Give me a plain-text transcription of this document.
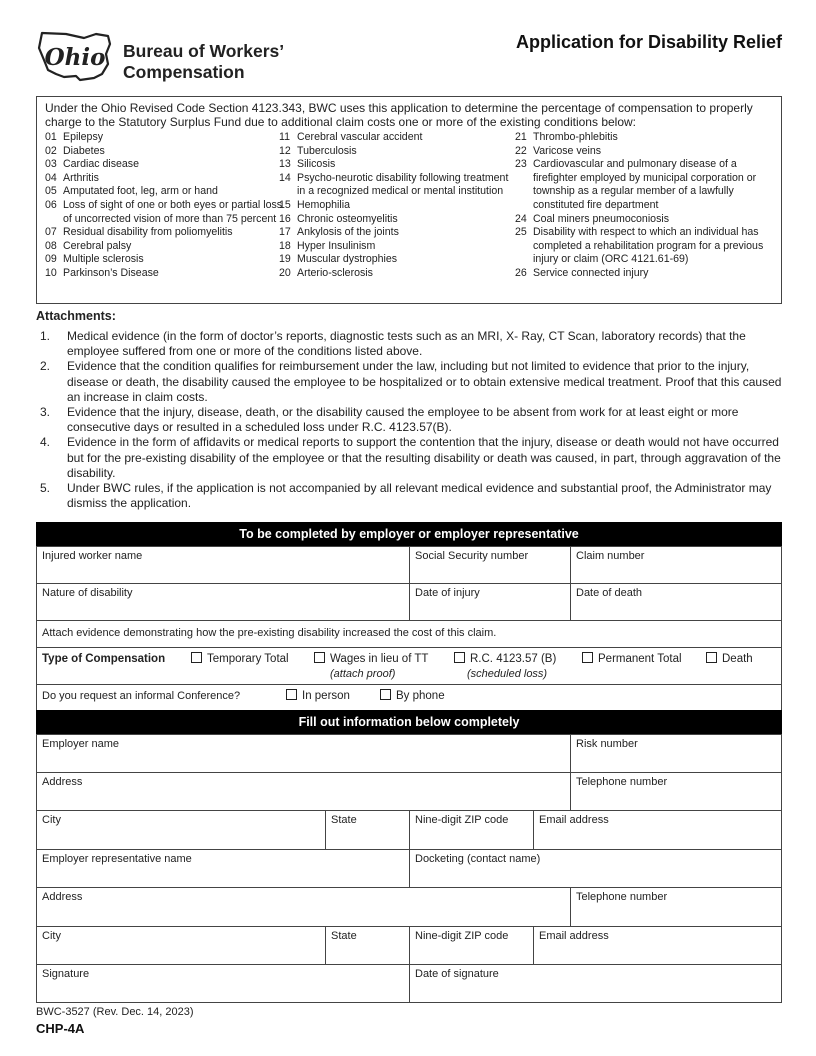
Ohio Bureau of Workers’
Compensation
Application for Disability Relief
Under the Ohio Revised Code Section 4123.343, BWC uses this application to determine the percentage of compensation to properly charge to the Statutory Surplus Fund due to additional claim costs one or more of the existing conditions below:
01 Epilepsy
02 Diabetes
03 Cardiac disease
04 Arthritis
05 Amputated foot, leg, arm or hand
06 Loss of sight of one or both eyes or partial loss of uncorrected vision of more than 75 percent
07 Residual disability from poliomyelitis
08 Cerebral palsy
09 Multiple sclerosis
10 Parkinson’s Disease
11 Cerebral vascular accident
12 Tuberculosis
13 Silicosis
14 Psycho-neurotic disability following treatment in a recognized medical or mental institution
15 Hemophilia
16 Chronic osteomyelitis
17 Ankylosis of the joints
18 Hyper Insulinism
19 Muscular dystrophies
20 Arterio-sclerosis
21 Thrombo-phlebitis
22 Varicose veins
23 Cardiovascular and pulmonary disease of a firefighter employed by municipal corporation or township as a regular member of a lawfully constituted fire department
24 Coal miners pneumoconiosis
25 Disability with respect to which an individual has completed a rehabilitation program for a previous injury or claim (ORC 4121.61-69)
26 Service connected injury
Attachments:
1.	Medical evidence (in the form of doctor’s reports, diagnostic tests such as an MRI, X- Ray, CT Scan, laboratory records) that the employee suffered from one or more of the conditions listed above.
2.	Evidence that the condition qualifies for reimbursement under the law, including but not limited to evidence that prior to the injury, disease or death, the disability caused the employee to be hospitalized or to obtain extensive medical treatment. Proof that this caused an increase in claim costs.
3.	Evidence that the injury, disease, death, or the disability caused the employee to be absent from work for at least eight or more consecutive days or resulted in a scheduled loss under R.C. 4123.57(B).
4.	Evidence in the form of affidavits or medical reports to support the contention that the injury, disease or death would not have occurred but for the pre-existing disability of the employee or that the resulting disability or death was caused, in part, through aggravation of the disability.
5.	Under BWC rules, if the application is not accompanied by all relevant medical evidence and substantial proof, the Administrator may dismiss the application.
To be completed by employer or employer representative
Injured worker name	Social Security number	Claim number
Nature of disability	Date of injury	Date of death
Attach evidence demonstrating how the pre-existing disability increased the cost of this claim.
Type of Compensation	Temporary Total	Wages in lieu of TT
(attach proof)
R.C. 4123.57 (B)
(scheduled loss)
Permanent Total	Death
Do you request an informal Conference?	In person	By phone
Fill out information below completely
Employer name	Risk number
Address	Telephone number
City	State	Nine-digit ZIP code	Email address
Employer representative name	Docketing (contact name)
Address	Telephone number
City	State	Nine-digit ZIP code	Email address
Signature	Date of signature
BWC-3527 (Rev. Dec. 14, 2023)
CHP-4A
